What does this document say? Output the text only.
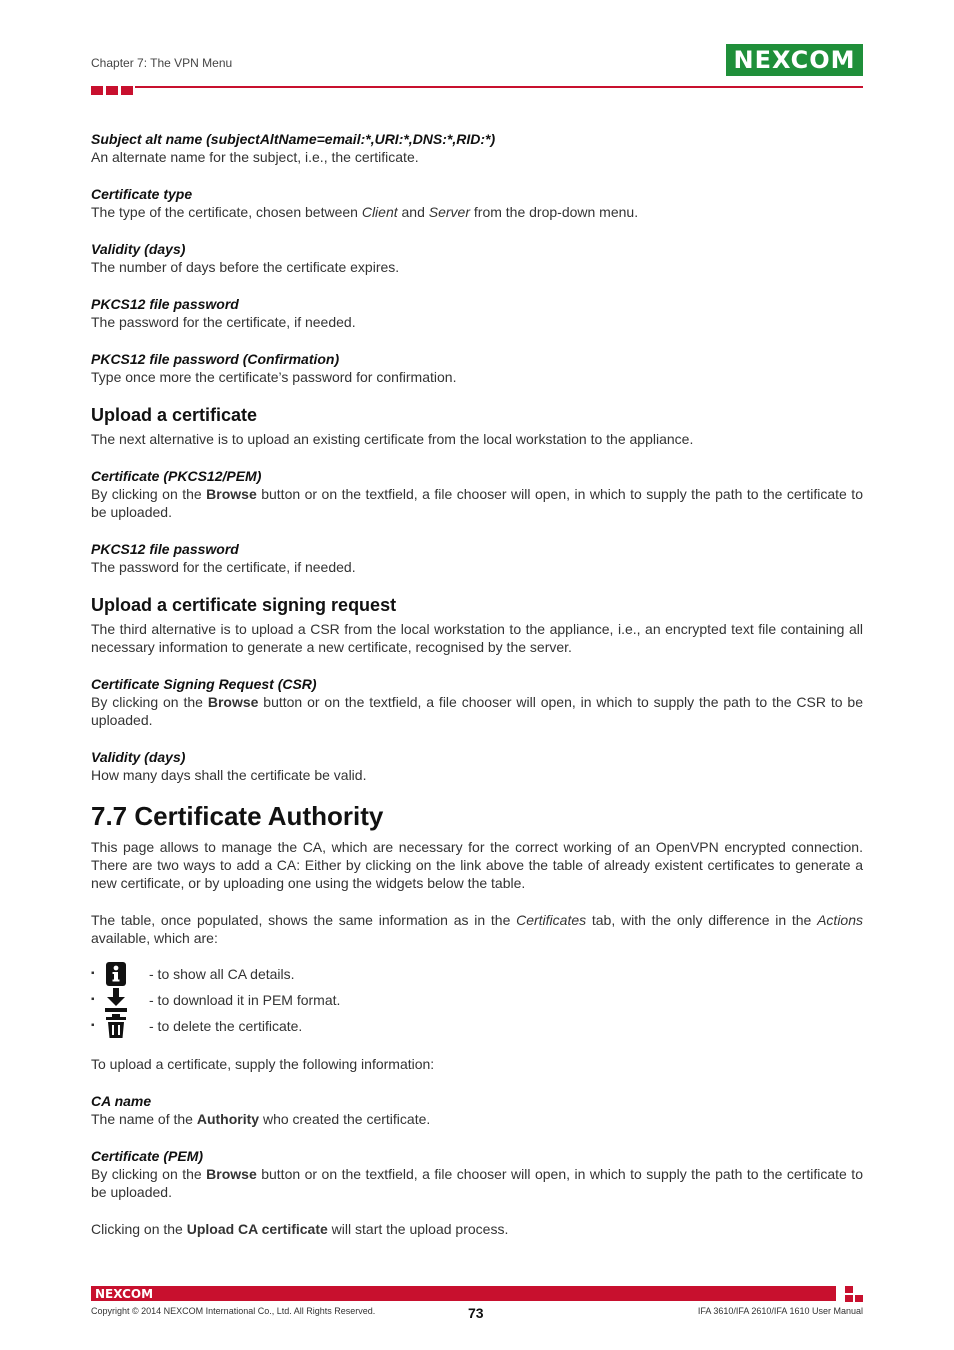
Chapter 7: The VPN Menu	NEXCOM

Subject alt name (subjectAltName=email:*,URI:*,DNS:*,RID:*)

An alternate name for the subject, i.e., the certificate.

Certificate type

The type of the certificate, chosen between Client and Server from the drop-down menu.

Validity (days)

The number of days before the certificate expires.

PKCS12 file password

The password for the certificate, if needed.

PKCS12 file password (Confirmation)

Type once more the certificate’s password for confirmation.

Upload a certificate

The next alternative is to upload an existing certificate from the local workstation to the appliance.

Certificate (PKCS12/PEM)

By clicking on the Browse button or on the textfield, a file chooser will open, in which to supply the path to the certificate to be uploaded.

PKCS12 file password

The password for the certificate, if needed.

Upload a certificate signing request

The third alternative is to upload a CSR from the local workstation to the appliance, i.e., an encrypted text file containing all necessary information to generate a new certificate, recognised by the server.

Certificate Signing Request (CSR)

By clicking on the Browse button or on the textfield, a file chooser will open, in which to supply the path to the CSR to be uploaded.

Validity (days)

How many days shall the certificate be valid.

7.7 Certificate Authority

This page allows to manage the CA, which are necessary for the correct working of an OpenVPN encrypted connection. There are two ways to add a CA: Either by clicking on the link above the table of already existent certificates to generate a new certificate, or by uploading one using the widgets below the table.

The table, once populated, shows the same information as in the Certificates tab, with the only difference in the Actions available, which are:

▪	- to show all CA details.
▪	- to download it in PEM format.
▪	- to delete the certificate.

To upload a certificate, supply the following information:

CA name

The name of the Authority who created the certificate.

Certificate (PEM)

By clicking on the Browse button or on the textfield, a file chooser will open, in which to supply the path to the certificate to be uploaded.

Clicking on the Upload CA certificate will start the upload process.

NEXCOM
Copyright © 2014 NEXCOM International Co., Ltd. All Rights Reserved.	73	IFA 3610/IFA 2610/IFA 1610 User Manual
